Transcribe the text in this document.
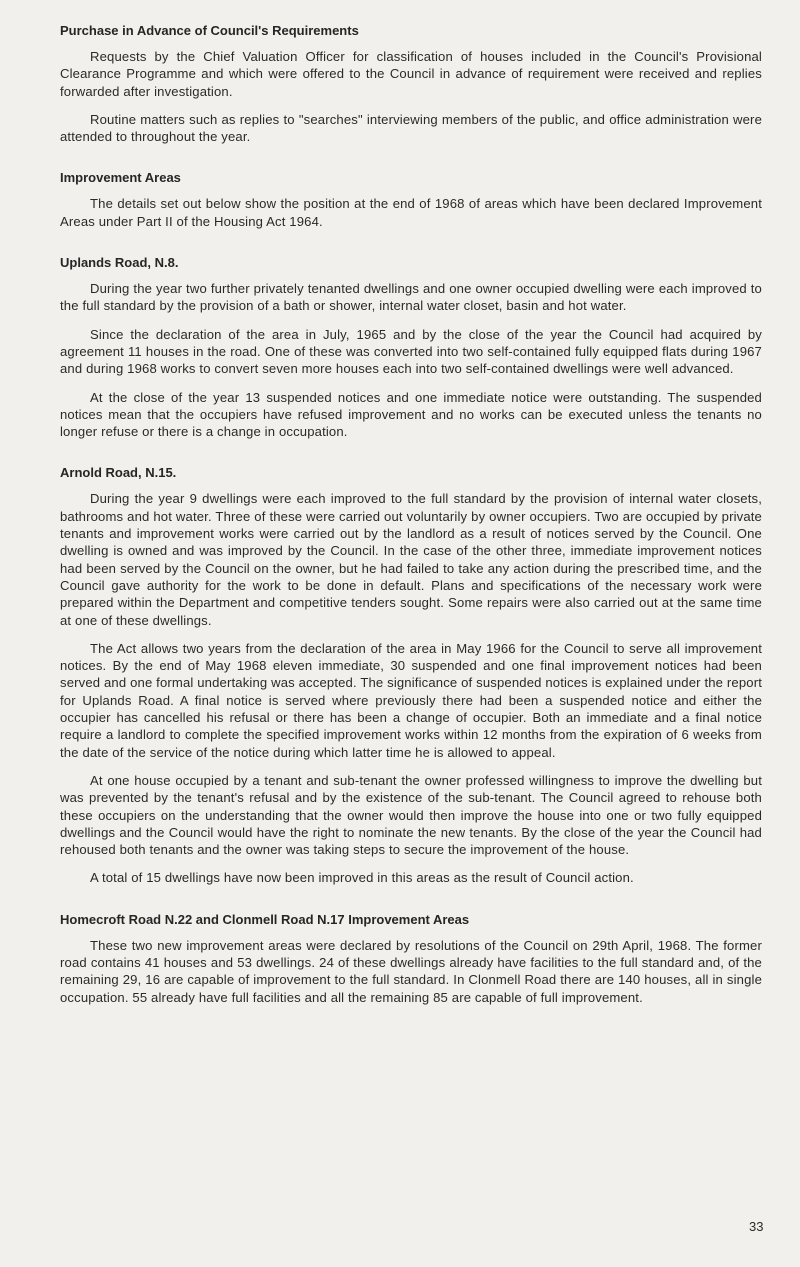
Purchase in Advance of Council's Requirements

Requests by the Chief Valuation Officer for classification of houses included in the Council's Provisional Clearance Programme and which were offered to the Council in advance of requirement were received and replies forwarded after investigation.

Routine matters such as replies to "searches" interviewing members of the public, and office administration were attended to throughout the year.

Improvement Areas

The details set out below show the position at the end of 1968 of areas which have been declared Improvement Areas under Part II of the Housing Act 1964.

Uplands Road, N.8.

During the year two further privately tenanted dwellings and one owner occupied dwelling were each improved to the full standard by the provision of a bath or shower, internal water closet, basin and hot water.

Since the declaration of the area in July, 1965 and by the close of the year the Council had acquired by agreement 11 houses in the road. One of these was converted into two self-contained fully equipped flats during 1967 and during 1968 works to convert seven more houses each into two self-contained dwellings were well advanced.

At the close of the year 13 suspended notices and one immediate notice were outstanding. The suspended notices mean that the occupiers have refused improvement and no works can be executed unless the tenants no longer refuse or there is a change in occupation.

Arnold Road, N.15.

During the year 9 dwellings were each improved to the full standard by the provision of internal water closets, bathrooms and hot water. Three of these were carried out voluntarily by owner occupiers. Two are occupied by private tenants and improvement works were carried out by the landlord as a result of notices served by the Council. One dwelling is owned and was improved by the Council. In the case of the other three, immediate improvement notices had been served by the Council on the owner, but he had failed to take any action during the prescribed time, and the Council gave authority for the work to be done in default. Plans and specifications of the necessary work were prepared within the Department and competitive tenders sought. Some repairs were also carried out at the same time at one of these dwellings.

The Act allows two years from the declaration of the area in May 1966 for the Council to serve all improvement notices. By the end of May 1968 eleven immediate, 30 suspended and one final improvement notices had been served and one formal undertaking was accepted. The significance of suspended notices is explained under the report for Uplands Road. A final notice is served where previously there had been a suspended notice and either the occupier has cancelled his refusal or there has been a change of occupier. Both an immediate and a final notice require a landlord to complete the specified improvement works within 12 months from the expiration of 6 weeks from the date of the service of the notice during which latter time he is allowed to appeal.

At one house occupied by a tenant and sub-tenant the owner professed willingness to improve the dwelling but was prevented by the tenant's refusal and by the existence of the sub-tenant. The Council agreed to rehouse both these occupiers on the understanding that the owner would then improve the house into one or two fully equipped dwellings and the Council would have the right to nominate the new tenants. By the close of the year the Council had rehoused both tenants and the owner was taking steps to secure the improvement of the house.

A total of 15 dwellings have now been improved in this areas as the result of Council action.

Homecroft Road N.22 and Clonmell Road N.17 Improvement Areas

These two new improvement areas were declared by resolutions of the Council on 29th April, 1968. The former road contains 41 houses and 53 dwellings. 24 of these dwellings already have facilities to the full standard and, of the remaining 29, 16 are capable of improvement to the full standard. In Clonmell Road there are 140 houses, all in single occupation. 55 already have full facilities and all the remaining 85 are capable of full improvement.

33
